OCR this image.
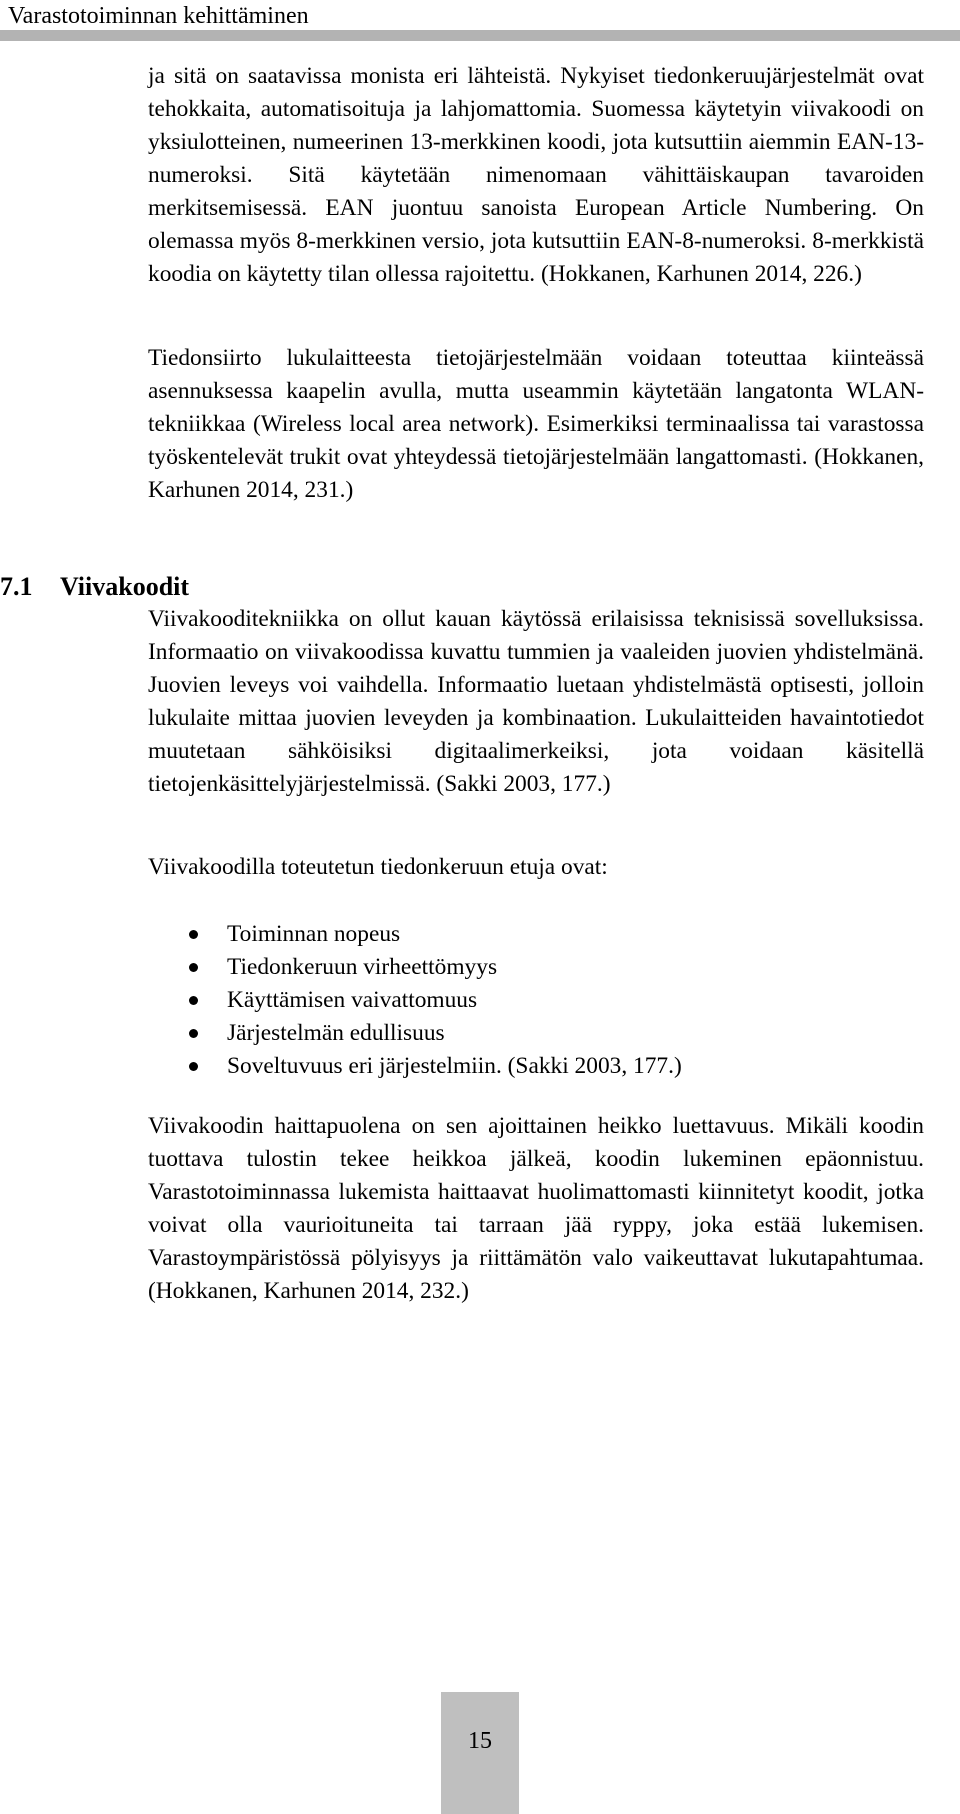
Varastotoiminnan kehittäminen

ja sitä on saatavissa monista eri lähteistä. Nykyiset tiedonkeruujärjestelmät ovat tehokkaita, automatisoituja ja lahjomattomia. Suomessa käytetyin viivakoodi on yksiulotteinen, numeerinen 13-merkkinen koodi, jota kutsuttiin aiemmin EAN-13-numeroksi. Sitä käytetään nimenomaan vähittäiskaupan tavaroiden merkitsemisessä. EAN juontuu sanoista European Article Numbering. On olemassa myös 8-merkkinen versio, jota kutsuttiin EAN-8-numeroksi. 8-merkkistä koodia on käytetty tilan ollessa rajoitettu. (Hokkanen, Karhunen 2014, 226.)

Tiedonsiirto lukulaitteesta tietojärjestelmään voidaan toteuttaa kiinteässä asennuksessa kaapelin avulla, mutta useammin käytetään langatonta WLAN-tekniikkaa (Wireless local area network). Esimerkiksi terminaalissa tai varastossa työskentelevät trukit ovat yhteydessä tietojärjestelmään langattomasti. (Hokkanen, Karhunen 2014, 231.)

7.1 Viivakoodit

Viivakooditekniikka on ollut kauan käytössä erilaisissa teknisissä sovelluksissa. Informaatio on viivakoodissa kuvattu tummien ja vaaleiden juovien yhdistelmänä. Juovien leveys voi vaihdella. Informaatio luetaan yhdistelmästä optisesti, jolloin lukulaite mittaa juovien leveyden ja kombinaation. Lukulaitteiden havaintotiedot muutetaan sähköisiksi digitaalimerkeiksi, jota voidaan käsitellä tietojenkäsittelyjärjestelmissä. (Sakki 2003, 177.)

Viivakoodilla toteutetun tiedonkeruun etuja ovat:

Toiminnan nopeus
Tiedonkeruun virheettömyys
Käyttämisen vaivattomuus
Järjestelmän edullisuus
Soveltuvuus eri järjestelmiin. (Sakki 2003, 177.)

Viivakoodin haittapuolena on sen ajoittainen heikko luettavuus. Mikäli koodin tuottava tulostin tekee heikkoa jälkeä, koodin lukeminen epäonnistuu. Varastotoiminnassa lukemista haittaavat huolimattomasti kiinnitetyt koodit, jotka voivat olla vaurioituneita tai tarraan jää ryppy, joka estää lukemisen. Varastoympäristössä pölyisyys ja riittämätön valo vaikeuttavat lukutapahtumaa. (Hokkanen, Karhunen 2014, 232.)

15
